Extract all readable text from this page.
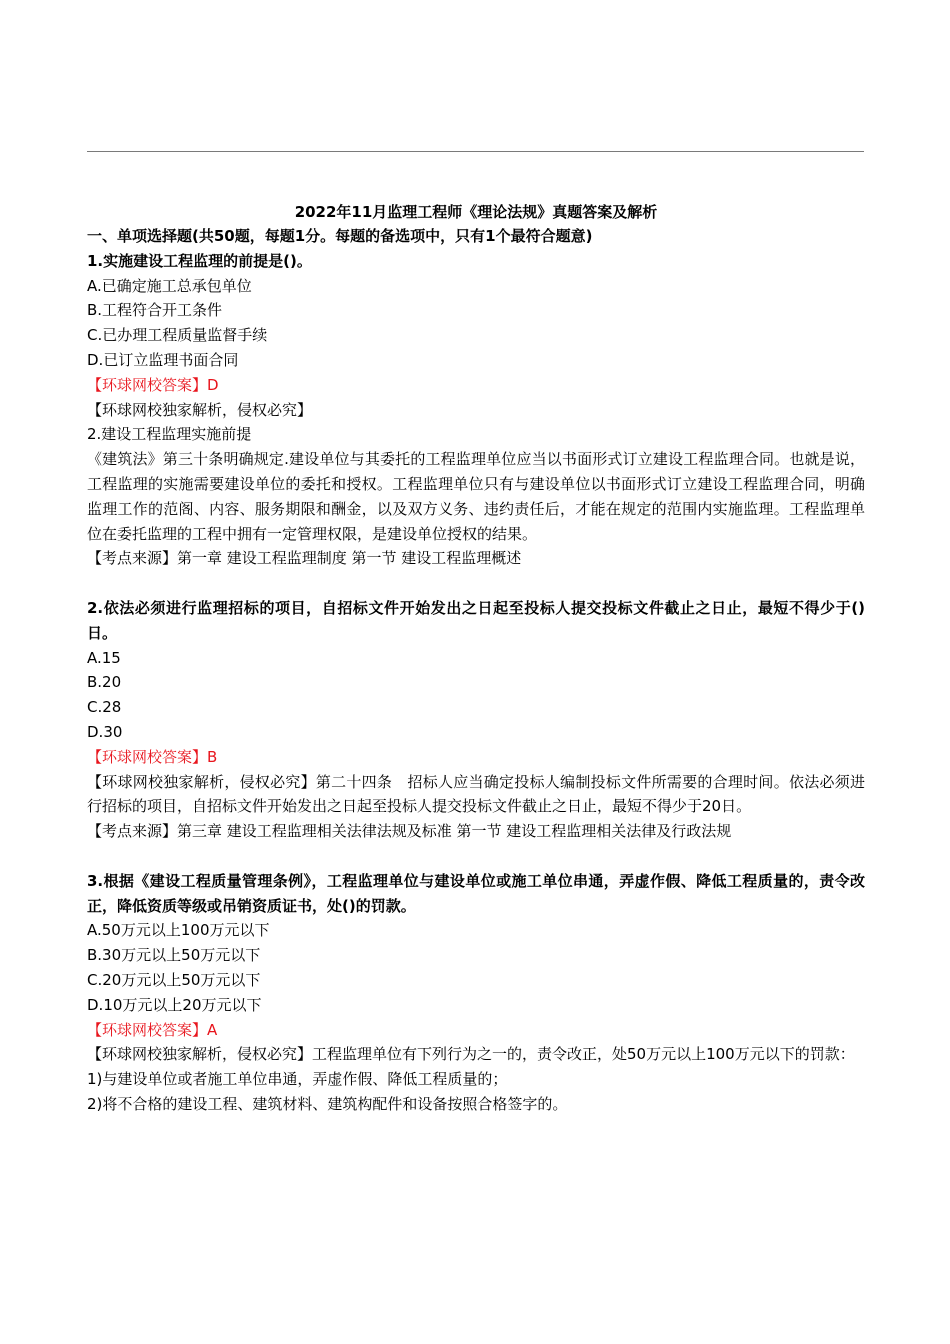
2022年11月监理工程师《理论法规》真题答案及解析

一、单项选择题(共50题，每题1分。每题的备选项中，只有1个最符合题意)

1.实施建设工程监理的前提是()。

A.已确定施工总承包单位

B.工程符合开工条件

C.已办理工程质量监督手续

D.已订立监理书面合同

【环球网校答案】D

【环球网校独家解析，侵权必究】

2.建设工程监理实施前提

《建筑法》第三十条明确规定.建设单位与其委托的工程监理单位应当以书面形式订立建设工程监理合同。也就是说，工程监理的实施需要建设单位的委托和授权。工程监理单位只有与建设单位以书面形式订立建设工程监理合同，明确监理工作的范阁、内容、服务期限和酬金，以及双方义务、违约责任后，才能在规定的范围内实施监理。工程监理单位在委托监理的工程中拥有一定管理权限，是建设单位授权的结果。

【考点来源】第一章 建设工程监理制度 第一节 建设工程监理概述

2.依法必须进行监理招标的项目，自招标文件开始发出之日起至投标人提交投标文件截止之日止，最短不得少于()日。

A.15

B.20

C.28

D.30

【环球网校答案】B

【环球网校独家解析，侵权必究】第二十四条　招标人应当确定投标人编制投标文件所需要的合理时间。依法必须进行招标的项目，自招标文件开始发出之日起至投标人提交投标文件截止之日止，最短不得少于20日。

【考点来源】第三章 建设工程监理相关法律法规及标准 第一节 建设工程监理相关法律及行政法规

3.根据《建设工程质量管理条例》，工程监理单位与建设单位或施工单位串通，弄虚作假、降低工程质量的，责令改正，降低资质等级或吊销资质证书，处()的罚款。

A.50万元以上100万元以下

B.30万元以上50万元以下

C.20万元以上50万元以下

D.10万元以上20万元以下

【环球网校答案】A

【环球网校独家解析，侵权必究】工程监理单位有下列行为之一的，责令改正，处50万元以上100万元以下的罚款：

1)与建设单位或者施工单位串通，弄虚作假、降低工程质量的；

2)将不合格的建设工程、建筑材料、建筑构配件和设备按照合格签字的。
